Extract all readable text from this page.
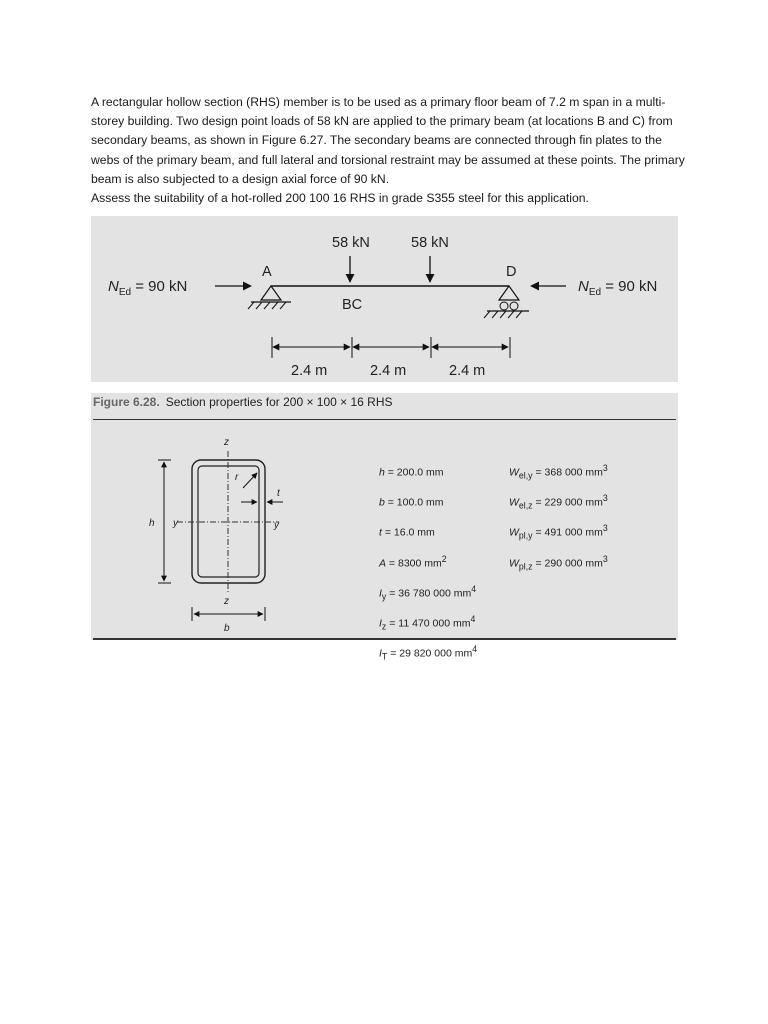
A rectangular hollow section (RHS) member is to be used as a primary floor beam of 7.2 m span in a multi-storey building. Two design point loads of 58 kN are applied to the primary beam (at locations B and C) from secondary beams, as shown in Figure 6.27. The secondary beams are connected through fin plates to the webs of the primary beam, and full lateral and torsional restraint may be assumed at these points. The primary beam is also subjected to a design axial force of 90 kN.

Assess the suitability of a hot-rolled 200 100 16 RHS in grade S355 steel for this application.

58 kN	58 kN
A
BC
D
$N_{Ed} = 90$ kN	$N_{Ed} = 90$ kN
2.4 m	2.4 m	2.4 m
Figure 6.28. Section properties for 200 × 100 × 16 RHS
z
z
y	y
h
b
r
t
h = 200.0 mm
b = 100.0 mm
t = 16.0 mm
A = 8300 $mm^2$
$I_y = 36$ 780 000 $mm^4$
$I_z = 11$ 470 000 $mm^4$
$I_T = 29$ 820 000 $mm^4$
$W_{el,y} = 368$ 000 $mm^3$
$W_{el,z} = 229$ 000 $mm^3$
$W_{pl,y} = 491$ 000 $mm^3$
$W_{pl,z} = 290$ 000 $mm^3$
